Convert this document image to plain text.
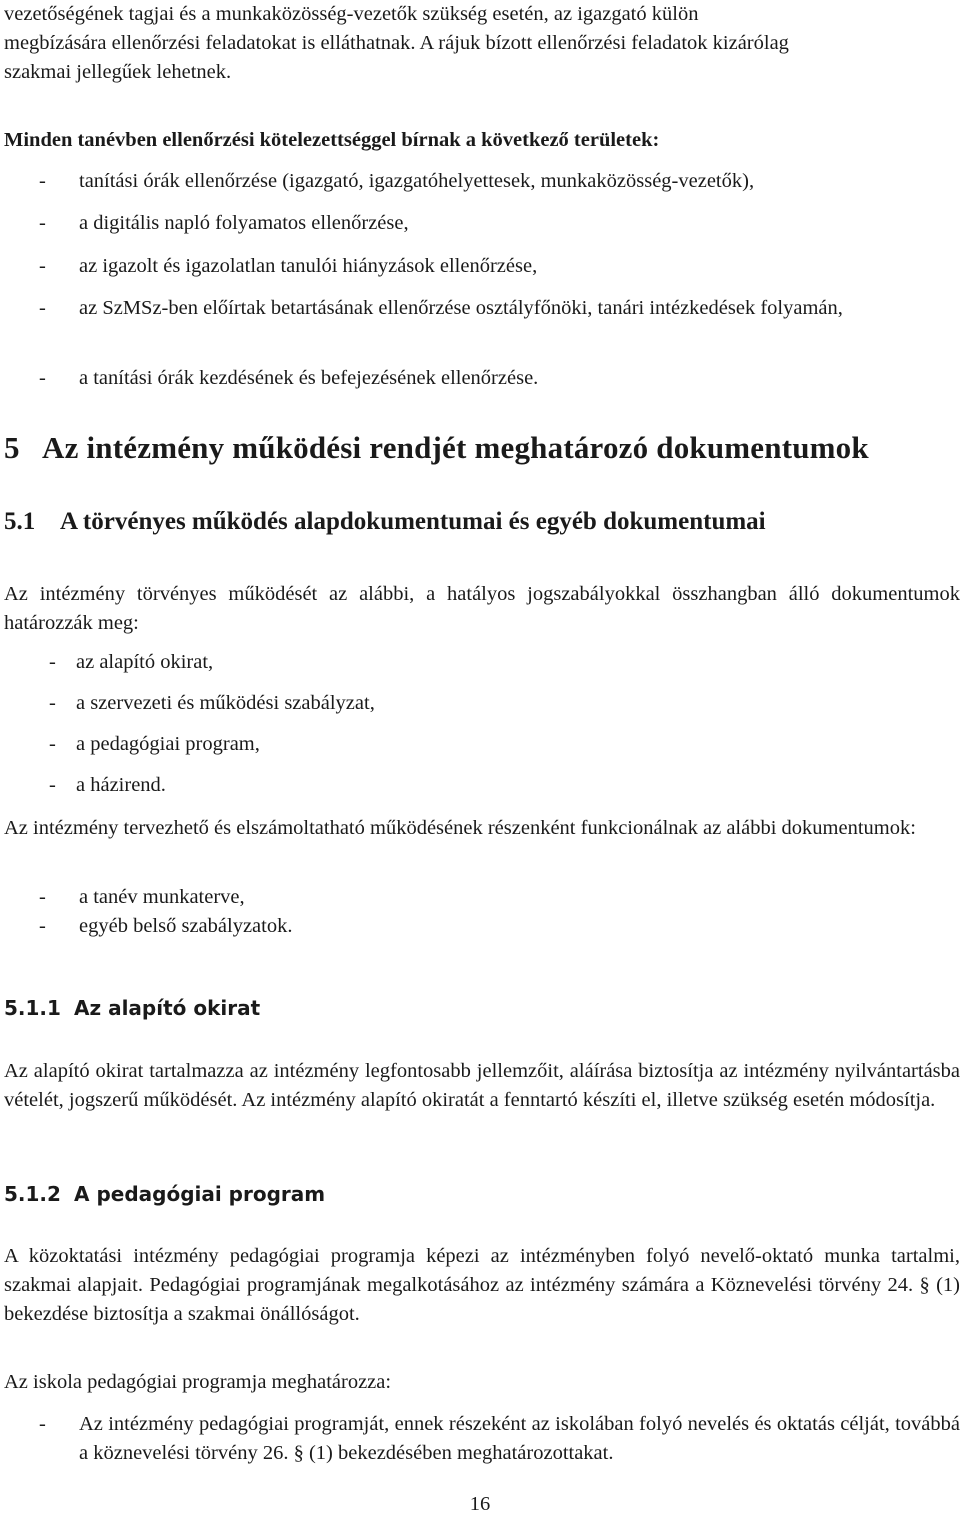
vezetőségének tagjai és a munkaközösség-vezetők szükség esetén, az igazgató külön
megbízására ellenőrzési feladatokat is elláthatnak. A rájuk bízott ellenőrzési feladatok kizárólag
szakmai jellegűek lehetnek.

Minden tanévben ellenőrzési kötelezettséggel bírnak a következő területek:

- tanítási órák ellenőrzése (igazgató, igazgatóhelyettesek, munkaközösség-vezetők),
- a digitális napló folyamatos ellenőrzése,
- az igazolt és igazolatlan tanulói hiányzások ellenőrzése,
- az SzMSz-ben előírtak betartásának ellenőrzése osztályfőnöki, tanári intézkedések folyamán,
- a tanítási órák kezdésének és befejezésének ellenőrzése.
5 Az intézmény működési rendjét meghatározó dokumentumok
5.1 A törvényes működés alapdokumentumai és egyéb dokumentumai

Az intézmény törvényes működését az alábbi, a hatályos jogszabályokkal összhangban álló dokumentumok határozzák meg:

- az alapító okirat,
- a szervezeti és működési szabályzat,
- a pedagógiai program,
- a házirend.

Az intézmény tervezhető és elszámoltatható működésének részenként funkcionálnak az alábbi dokumentumok:

- a tanév munkaterve,
- egyéb belső szabályzatok.
5.1.1 Az alapító okirat

Az alapító okirat tartalmazza az intézmény legfontosabb jellemzőit, aláírása biztosítja az intézmény nyilvántartásba vételét, jogszerű működését. Az intézmény alapító okiratát a fenntartó készíti el, illetve szükség esetén módosítja.

5.1.2 A pedagógiai program

A közoktatási intézmény pedagógiai programja képezi az intézményben folyó nevelő-oktató munka tartalmi, szakmai alapjait. Pedagógiai programjának megalkotásához az intézmény számára a Köznevelési törvény 24. § (1) bekezdése biztosítja a szakmai önállóságot.

Az iskola pedagógiai programja meghatározza:

- Az intézmény pedagógiai programját, ennek részeként az iskolában folyó nevelés és oktatás célját, továbbá a köznevelési törvény 26. § (1) bekezdésében meghatározottakat.
16
